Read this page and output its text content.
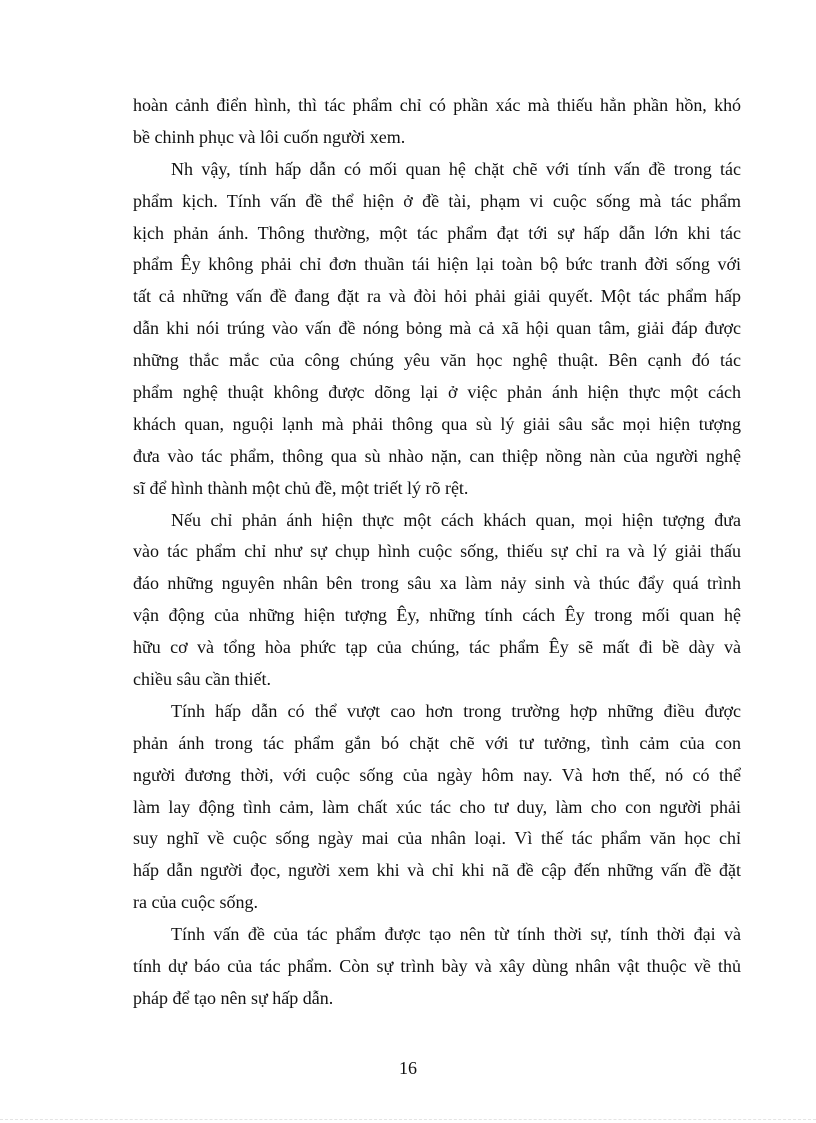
hoàn cảnh điển hình, thì tác phẩm chỉ có phần xác mà thiếu hẳn phần hồn, khó
bề chinh phục và lôi cuốn người xem.
Nh vậy, tính hấp dẫn có mối quan hệ chặt chẽ với tính vấn đề trong tác
phẩm kịch. Tính vấn đề thể hiện ở đề tài, phạm vi cuộc sống mà tác phẩm
kịch phản ánh. Thông thường, một tác phẩm đạt tới sự hấp dẫn lớn khi tác
phẩm Êy không phải chỉ đơn thuần tái hiện lại toàn bộ bức tranh đời sống với
tất cả những vấn đề đang đặt ra và đòi hỏi phải giải quyết. Một tác phẩm hấp
dẫn khi nói trúng vào vấn đề nóng bỏng mà cả xã hội quan tâm, giải đáp được
những thắc mắc của công chúng yêu văn học nghệ thuật. Bên cạnh đó tác
phẩm nghệ thuật không được dõng lại ở việc phản ánh hiện thực một cách
khách quan, nguội lạnh mà phải thông qua sù lý giải sâu sắc mọi hiện tượng
đưa vào tác phẩm, thông qua sù nhào nặn, can thiệp nồng nàn của người nghệ
sĩ để hình thành một chủ đề, một triết lý rõ rệt.
Nếu chỉ phản ánh hiện thực một cách khách quan, mọi hiện tượng đưa
vào tác phẩm chỉ như sự chụp hình cuộc sống, thiếu sự chỉ ra và lý giải thấu
đáo những nguyên nhân bên trong sâu xa làm nảy sinh và thúc đẩy quá trình
vận động của những hiện tượng Êy, những tính cách Êy trong mối quan hệ
hữu cơ và tổng hòa phức tạp của chúng, tác phẩm Êy sẽ mất đi bề dày và
chiều sâu cần thiết.
Tính hấp dẫn có thể vượt cao hơn trong trường hợp những điều được
phản ánh trong tác phẩm gắn bó chặt chẽ với tư tưởng, tình cảm của con
người đương thời, với cuộc sống của ngày hôm nay. Và hơn thế, nó có thể
làm lay động tình cảm, làm chất xúc tác cho tư duy, làm cho con người phải
suy nghĩ về cuộc sống ngày mai của nhân loại. Vì thế tác phẩm văn học chỉ
hấp dẫn người đọc, người xem khi và chỉ khi nã đề cập đến những vấn đề đặt
ra của cuộc sống.
Tính vấn đề của tác phẩm được tạo nên từ tính thời sự, tính thời đại và
tính dự báo của tác phẩm. Còn sự trình bày và xây dùng nhân vật thuộc về thủ
pháp để tạo nên sự hấp dẫn.
16
